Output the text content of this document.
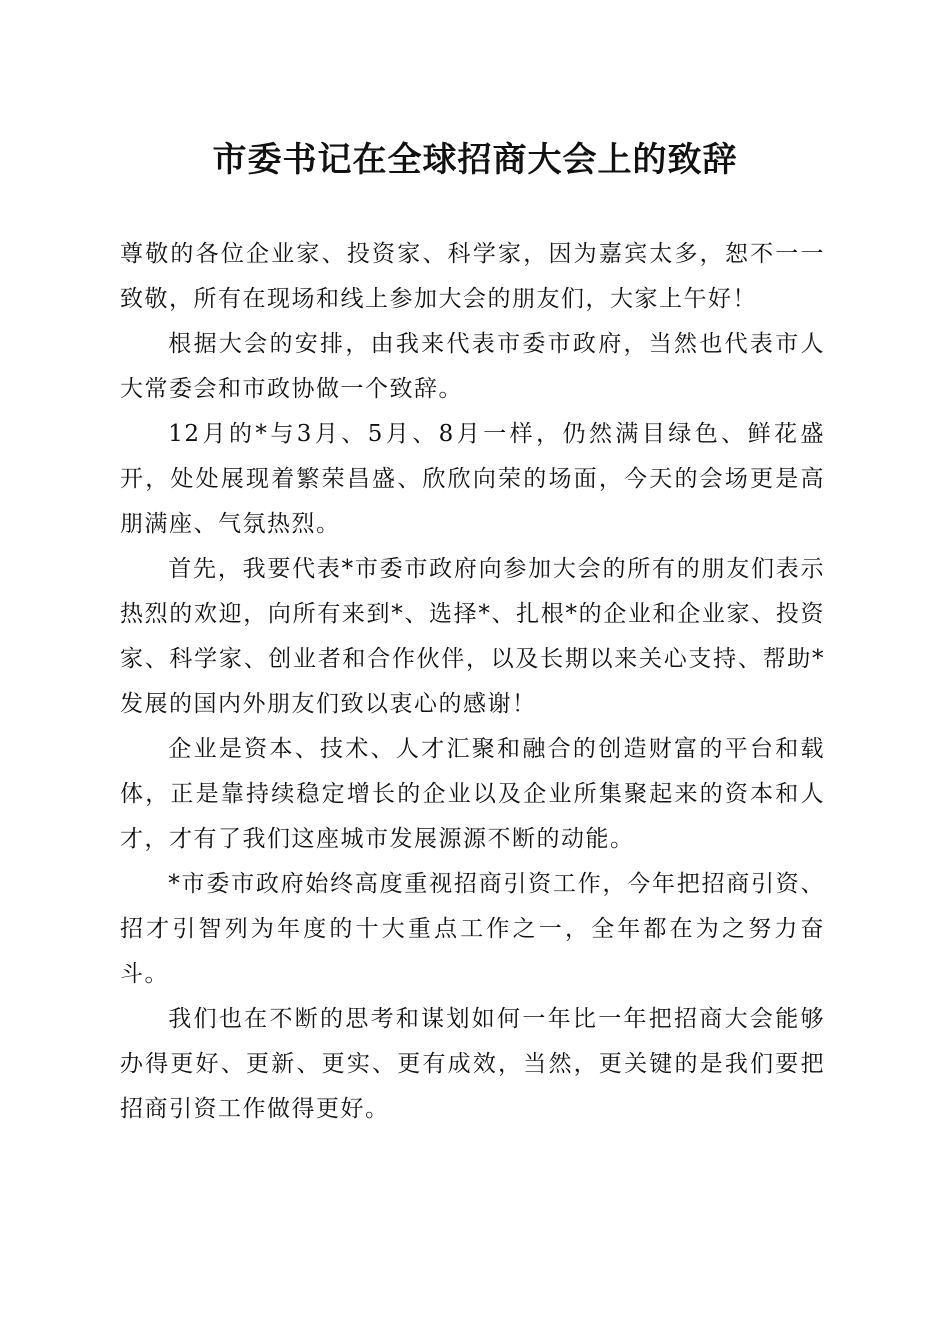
市委书记在全球招商大会上的致辞

尊敬的各位企业家、投资家、科学家，因为嘉宾太多，恕不一一致敬，所有在现场和线上参加大会的朋友们，大家上午好！

根据大会的安排，由我来代表市委市政府，当然也代表市人大常委会和市政协做一个致辞。

12月的*与3月、5月、8月一样，仍然满目绿色、鲜花盛开，处处展现着繁荣昌盛、欣欣向荣的场面，今天的会场更是高朋满座、气氛热烈。

首先，我要代表*市委市政府向参加大会的所有的朋友们表示热烈的欢迎，向所有来到*、选择*、扎根*的企业和企业家、投资家、科学家、创业者和合作伙伴，以及长期以来关心支持、帮助*发展的国内外朋友们致以衷心的感谢！

企业是资本、技术、人才汇聚和融合的创造财富的平台和载体，正是靠持续稳定增长的企业以及企业所集聚起来的资本和人才，才有了我们这座城市发展源源不断的动能。

*市委市政府始终高度重视招商引资工作，今年把招商引资、招才引智列为年度的十大重点工作之一，全年都在为之努力奋斗。

我们也在不断的思考和谋划如何一年比一年把招商大会能够办得更好、更新、更实、更有成效，当然，更关键的是我们要把招商引资工作做得更好。
